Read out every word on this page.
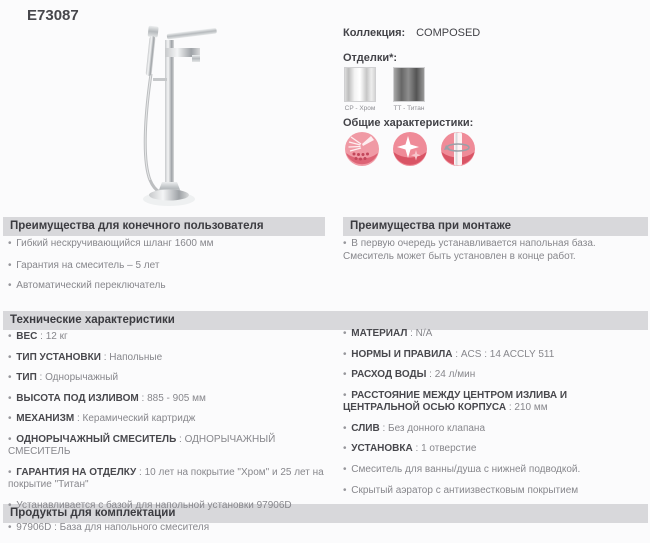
E73087
Коллекция: COMPOSED
Отделки*:
CP - Хром	TT - Титан
Общие характеристики:
Преимущества для конечного пользователя	Преимущества при монтаже
Технические характеристики
Продукты для комплектации
• Гибкий нескручивающийся шланг 1600 мм
• Гарантия на смеситель – 5 лет
• Автоматический переключатель
• В первую очередь устанавливается напольная база. Смеситель может быть установлен в конце работ.
• ВЕС : 12 кг
• ТИП УСТАНОВКИ : Напольные
• ТИП : Однорычажный
• ВЫСОТА ПОД ИЗЛИВОМ : 885 - 905 мм
• МЕХАНИЗМ : Керамический картридж
• ОДНОРЫЧАЖНЫЙ СМЕСИТЕЛЬ : ОДНОРЫЧАЖНЫЙ СМЕСИТЕЛЬ
• ГАРАНТИЯ НА ОТДЕЛКУ : 10 лет на покрытие "Хром" и 25 лет на покрытие "Титан"
• Устанавливается с базой для напольной установки 97906D
• МАТЕРИАЛ : N/A
• НОРМЫ И ПРАВИЛА : ACS : 14 ACCLY 511
• РАСХОД ВОДЫ : 24 л/мин
• РАССТОЯНИЕ МЕЖДУ ЦЕНТРОМ ИЗЛИВА И ЦЕНТРАЛЬНОЙ ОСЬЮ КОРПУСА : 210 мм
• СЛИВ : Без донного клапана
• УСТАНОВКА : 1 отверстие
• Смеситель для ванны/душа с нижней подводкой.
• Скрытый аэратор с антиизвестковым покрытием
• 97906D : База для напольного смесителя
